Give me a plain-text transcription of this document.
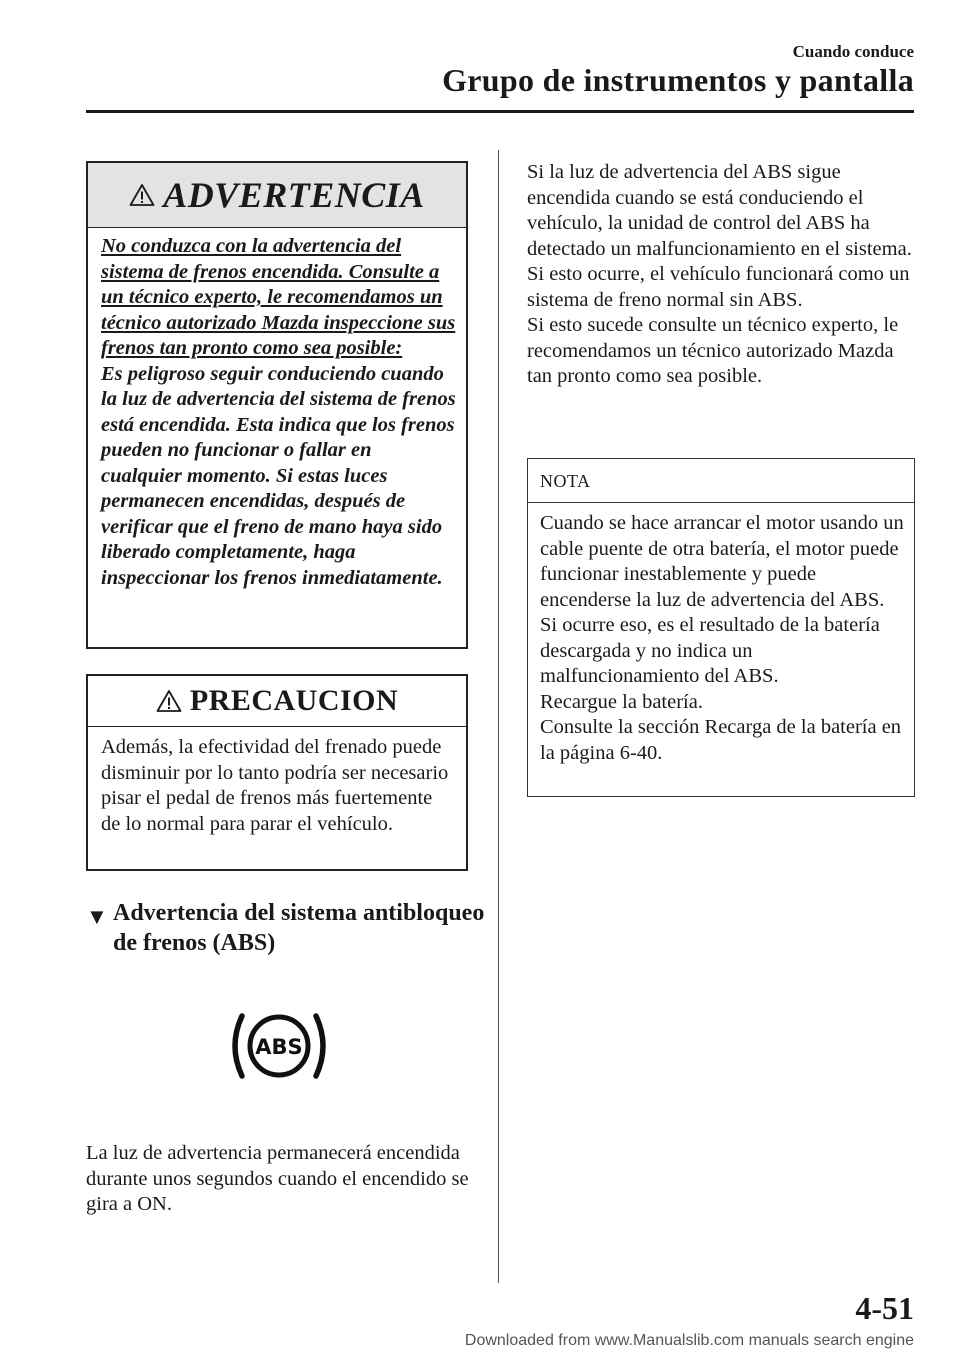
Cuando conduce
Grupo de instrumentos y pantalla
ADVERTENCIA
No conduzca con la advertencia del sistema de frenos encendida. Consulte a un técnico experto, le recomendamos un técnico autorizado Mazda inspeccione sus frenos tan pronto como sea posible:
Es peligroso seguir conduciendo cuando la luz de advertencia del sistema de frenos está encendida. Esta indica que los frenos pueden no funcionar o fallar en cualquier momento. Si estas luces permanecen encendidas, después de verificar que el freno de mano haya sido liberado completamente, haga inspeccionar los frenos inmediatamente.
PRECAUCION
Además, la efectividad del frenado puede disminuir por lo tanto podría ser necesario pisar el pedal de frenos más fuertemente de lo normal para parar el vehículo.
▼ Advertencia del sistema antibloqueo de frenos (ABS)
ABS
La luz de advertencia permanecerá encendida durante unos segundos cuando el encendido se gira a ON.
Si la luz de advertencia del ABS sigue encendida cuando se está conduciendo el vehículo, la unidad de control del ABS ha detectado un malfuncionamiento en el sistema. Si esto ocurre, el vehículo funcionará como un sistema de freno normal sin ABS.
Si esto sucede consulte un técnico experto, le recomendamos un técnico autorizado Mazda tan pronto como sea posible.
NOTA
Cuando se hace arrancar el motor usando un cable puente de otra batería, el motor puede funcionar inestablemente y puede encenderse la luz de advertencia del ABS. Si ocurre eso, es el resultado de la batería descargada y no indica un malfuncionamiento del ABS.
Recargue la batería.
Consulte la sección Recarga de la batería en la página 6-40.
4-51
Downloaded from www.Manualslib.com manuals search engine
